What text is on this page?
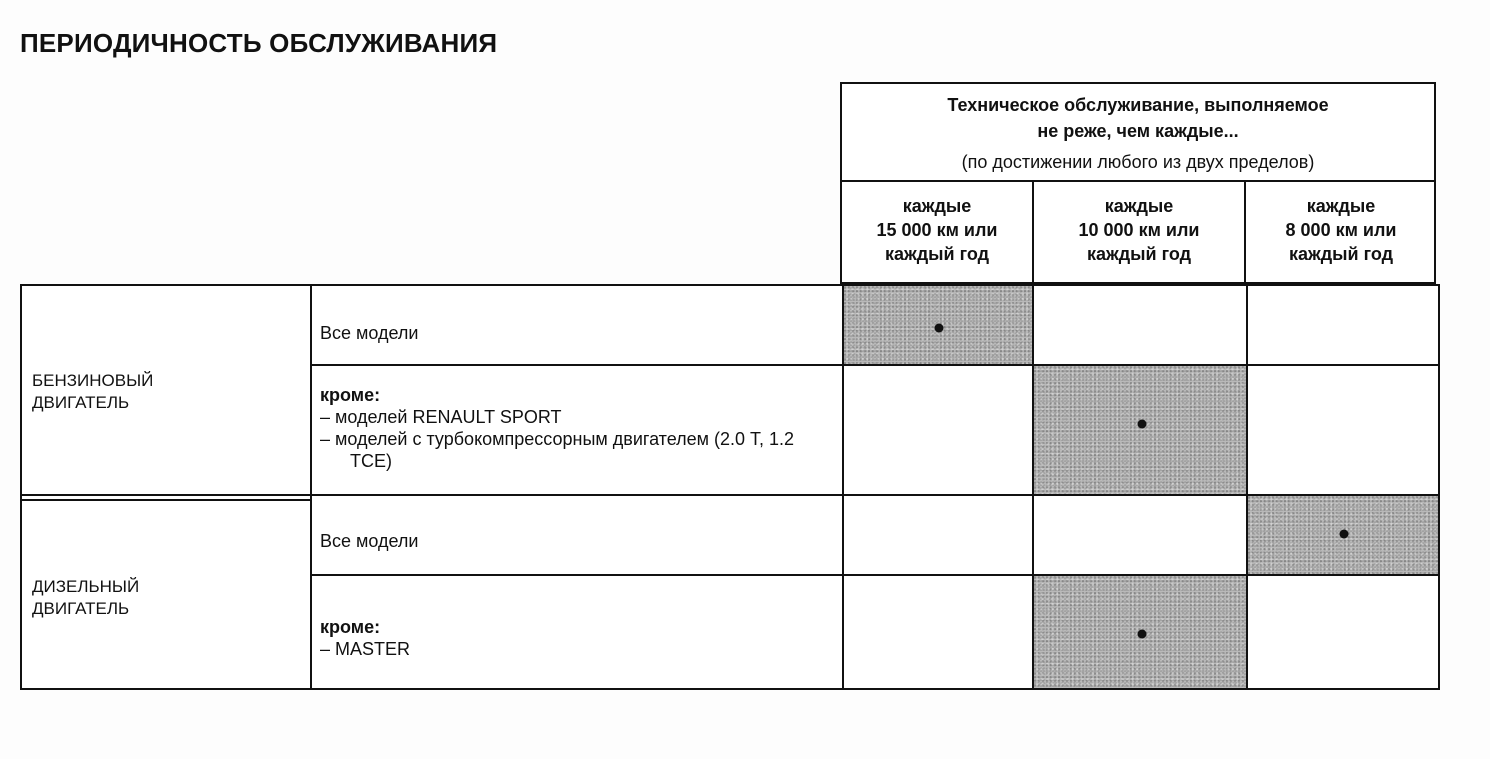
ПЕРИОДИЧНОСТЬ ОБСЛУЖИВАНИЯ
Техническое обслуживание, выполняемое
не реже, чем каждые...
(по достижении любого из двух пределов)
каждые
15 000 км или
каждый год
каждые
10 000 км или
каждый год
каждые
8 000 км или
каждый год
БЕНЗИНОВЫЙ
ДВИГАТЕЛЬ
Все модели
кроме:
– моделей RENAULT SPORT
– моделей с турбокомпрессорным двигателем (2.0 T, 1.2 TCE)
ДИЗЕЛЬНЫЙ
ДВИГАТЕЛЬ
Все модели
кроме:
– MASTER
